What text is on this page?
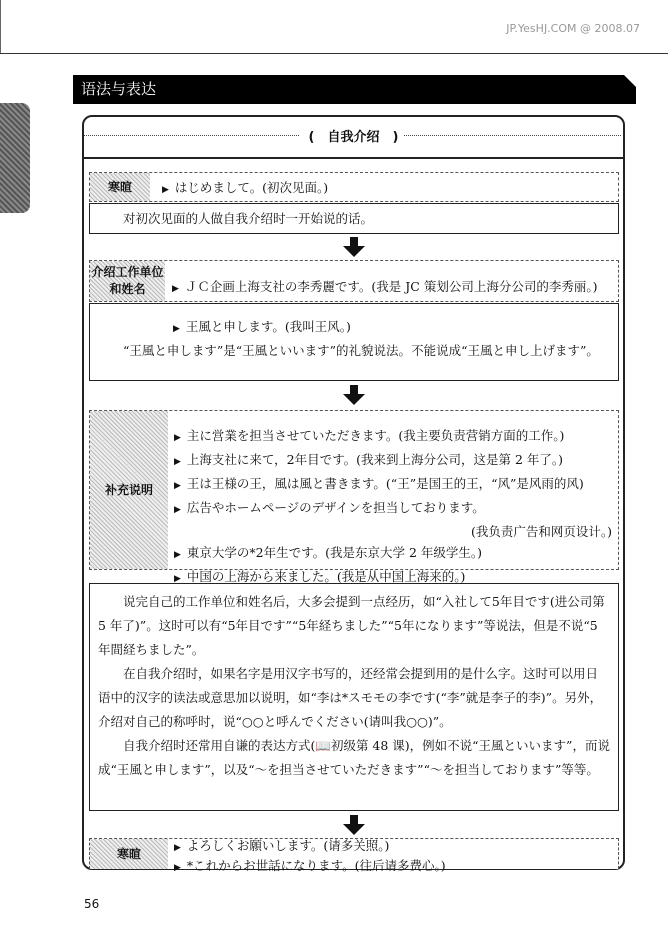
JP.YesHJ.COM @ 2008.07
语法与表达
(　自我介绍　)
寒暄	▶ はじめまして。(初次见面。)

对初次见面的人做自我介绍时一开始说的话。

介绍工作单位和姓名	▶ ＪＣ企画上海支社の李秀麗です。(我是 JC 策划公司上海分公司的李秀丽。)
▶ 王風と申します。(我叫王风。)

“王風と申します”是“王風といいます”的礼貌说法。不能说成“王風と申し上げます”。

补充说明
▶ 主に営業を担当させていただきます。(我主要负责营销方面的工作。)
▶ 上海支社に来て，2年目です。(我来到上海分公司，这是第 2 年了。)
▶ 王は王様の王，風は風と書きます。(“王”是国王的王，“风”是风雨的风)
▶ 広告やホームページのデザインを担当しております。
(我负责广告和网页设计。)
▶ 東京大学の*2年生です。(我是东京大学 2 年级学生。)
▶ 中国の上海から来ました。(我是从中国上海来的。)

说完自己的工作单位和姓名后，大多会提到一点经历，如“入社して5年目です(进公司第 5 年了)”。这时可以有“5年目です”“5年経ちました”“5年になります”等说法，但是不说“5年間経ちました”。

在自我介绍时，如果名字是用汉字书写的，还经常会提到用的是什么字。这时可以用日语中的汉字的读法或意思加以说明，如“李は*スモモの李です(“李”就是李子的李)”。另外，介绍对自己的称呼时，说“○○と呼んでください(请叫我○○)”。

自我介绍时还常用自谦的表达方式(📖初级第 48 课)，例如不说“王風といいます”，而说成“王風と申します”，以及“～を担当させていただきます”“～を担当しております”等等。

寒暄	▶ よろしくお願いします。(请多关照。)
▶ *これからお世話になります。(往后请多费心。)
56
